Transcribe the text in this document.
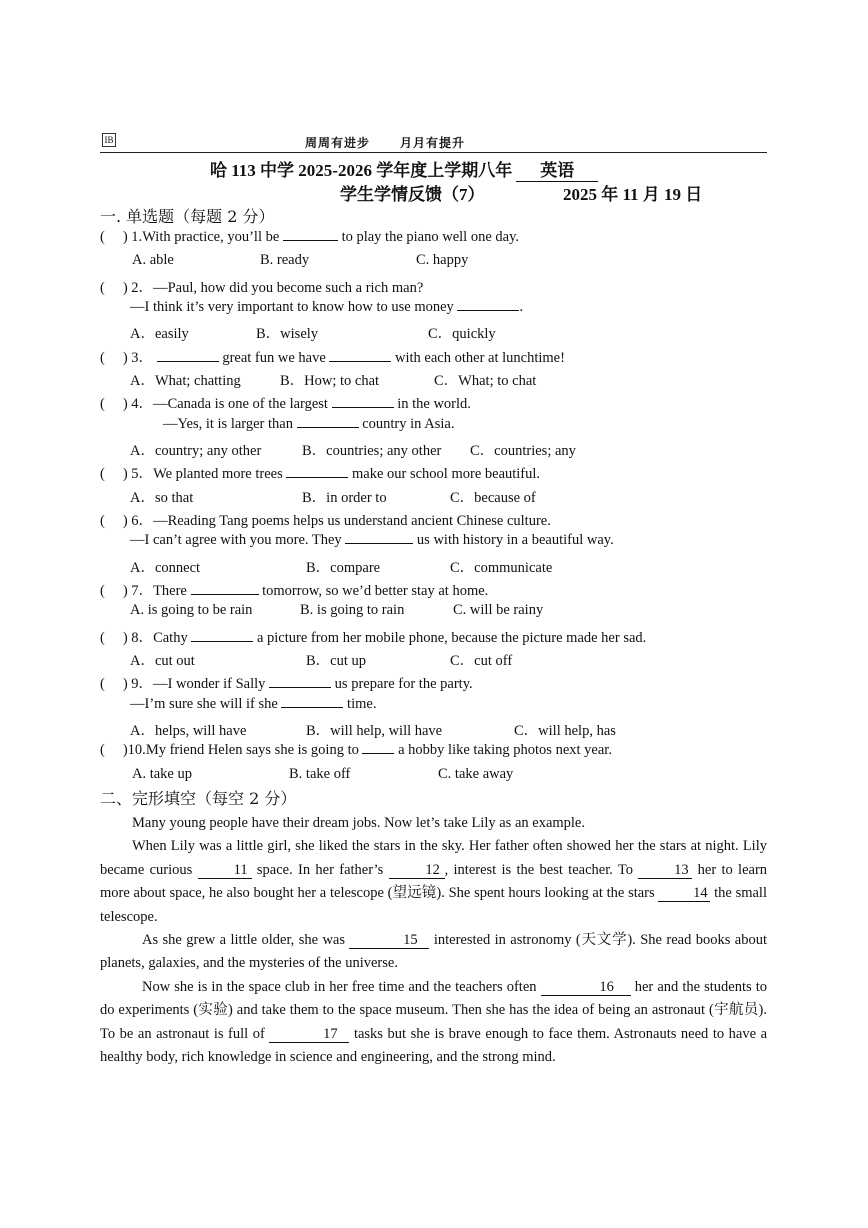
IB	周周有进步 月月有提升
哈 113 中学 2025-2026 学年度上学期八年 英语
学生学情反馈（7）	2025 年 11 月 19 日
一. 单选题（每题 2 分）
( ) 1.With practice, you’ll be	to play the piano well one day.
A. able	B. ready	C. happy
( ) 2．—Paul, how did you become such a rich man?
—I think it’s very important to know how to use money	.
A．easily	B．wisely	C．quickly
( ) 3．	great fun we have	with each other at lunchtime!
A．What; chatting	B．How; to chat	C．What; to chat
( ) 4．—Canada is one of the largest	in the world.
—Yes, it is larger than	country in Asia.
A．country; any other	B．countries; any other C．countries; any
( ) 5．We planted more trees	make our school more beautiful.
A．so that	B．in order to	C．because of
( ) 6．—Reading Tang poems helps us understand ancient Chinese culture.
—I can’t agree with you more. They	us with history in a beautiful way.
A．connect	B．compare	C．communicate
( ) 7．There	tomorrow, so we’d better stay at home.
A. is going to be rain	B. is going to rain	C. will be rainy
( ) 8．Cathy	a picture from her mobile phone, because the picture made her sad.
A．cut out	B．cut up	C．cut off
( ) 9．—I wonder if Sally	us prepare for the party.
—I’m sure she will if she	time.
A．helps, will have	B．will help, will have	C．will help, has
( )10.My friend Helen says she is going to	a hobby like taking photos next year.
A. take up	B. take off	C. take away
二、完形填空（每空 2 分）

Many young people have their dream jobs. Now let’s take Lily as an example.

When Lily was a little girl, she liked the stars in the sky. Her father often showed her the stars at night. Lily became curious	11 space. In her father’s	12 , interest is the best teacher. To	13 her to learn more about space, he also bought her a telescope (望远镜). She spent hours looking at the stars	14 the small telescope.

As she grew a little older, she was	15 interested in astronomy (天文学). She read books about planets, galaxies, and the mysteries of the universe.

Now she is in the space club in her free time and the teachers often	16 her and the students to do experiments (实验) and take them to the space museum. Then she has the idea of being an astronaut (宇航员). To be an astronaut is full of	17 tasks but she is brave enough to face them. Astronauts need to have a healthy body, rich knowledge in science and engineering, and the strong mind.
